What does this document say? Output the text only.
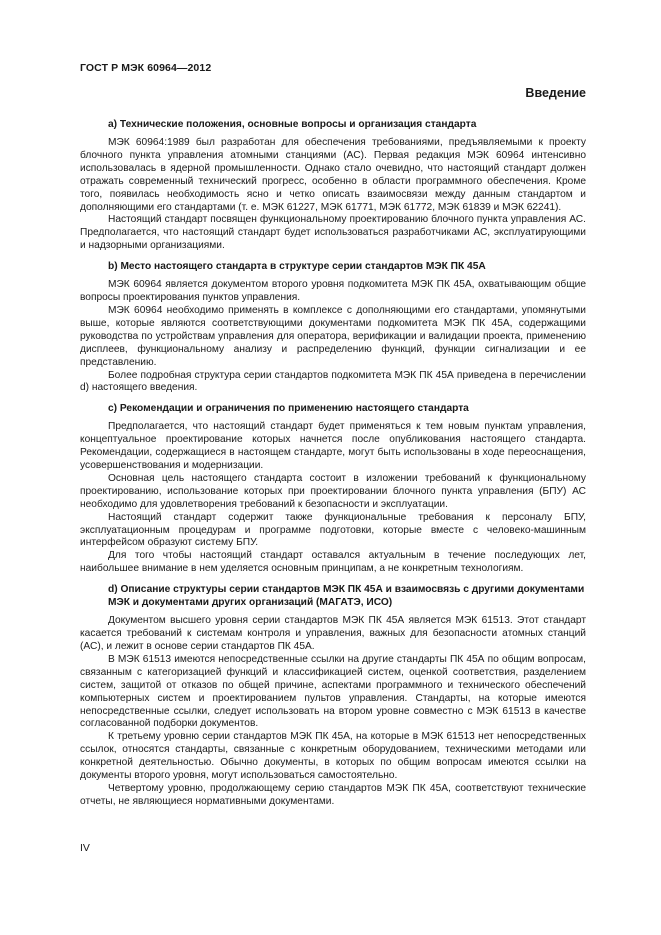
ГОСТ Р МЭК 60964—2012
Введение
а) Технические положения, основные вопросы и организация стандарта

МЭК 60964:1989 был разработан для обеспечения требованиями, предъявляемыми к проекту блочного пункта управления атомными станциями (АС). Первая редакция МЭК 60964 интенсивно использовалась в ядерной промышленности. Однако стало очевидно, что настоящий стандарт должен отражать современный технический прогресс, особенно в области программного обеспечения. Кроме того, появилась необходимость ясно и четко описать взаимосвязи между данным стандартом и дополняющими его стандартами (т. е. МЭК 61227, МЭК 61771, МЭК 61772, МЭК 61839 и МЭК 62241).

Настоящий стандарт посвящен функциональному проектированию блочного пункта управления АС. Предполагается, что настоящий стандарт будет использоваться разработчиками АС, эксплуатирующими и надзорными организациями.

b) Место настоящего стандарта в структуре серии стандартов МЭК ПК 45А

МЭК 60964 является документом второго уровня подкомитета МЭК ПК 45А, охватывающим общие вопросы проектирования пунктов управления.

МЭК 60964 необходимо применять в комплексе с дополняющими его стандартами, упомянутыми выше, которые являются соответствующими документами подкомитета МЭК ПК 45А, содержащими руководства по устройствам управления для оператора, верификации и валидации проекта, применению дисплеев, функциональному анализу и распределению функций, функции сигнализации и ее представлению.

Более подробная структура серии стандартов подкомитета МЭК ПК 45А приведена в перечислении d) настоящего введения.

с) Рекомендации и ограничения по применению настоящего стандарта

Предполагается, что настоящий стандарт будет применяться к тем новым пунктам управления, концептуальное проектирование которых начнется после опубликования настоящего стандарта. Рекомендации, содержащиеся в настоящем стандарте, могут быть использованы в ходе переоснащения, усовершенствования и модернизации.

Основная цель настоящего стандарта состоит в изложении требований к функциональному проектированию, использование которых при проектировании блочного пункта управления (БПУ) АС необходимо для удовлетворения требований к безопасности и эксплуатации.

Настоящий стандарт содержит также функциональные требования к персоналу БПУ, эксплуатационным процедурам и программе подготовки, которые вместе с человеко-машинным интерфейсом образуют систему БПУ.

Для того чтобы настоящий стандарт оставался актуальным в течение последующих лет, наибольшее внимание в нем уделяется основным принципам, а не конкретным технологиям.

d) Описание структуры серии стандартов МЭК ПК 45А и взаимосвязь с другими документами МЭК и документами других организаций (МАГАТЭ, ИСО)

Документом высшего уровня серии стандартов МЭК ПК 45А является МЭК 61513. Этот стандарт касается требований к системам контроля и управления, важных для безопасности атомных станций (АС), и лежит в основе серии стандартов ПК 45А.

В МЭК 61513 имеются непосредственные ссылки на другие стандарты ПК 45А по общим вопросам, связанным с категоризацией функций и классификацией систем, оценкой соответствия, разделением систем, защитой от отказов по общей причине, аспектами программного и технического обеспечений компьютерных систем и проектированием пультов управления. Стандарты, на которые имеются непосредственные ссылки, следует использовать на втором уровне совместно с МЭК 61513 в качестве согласованной подборки документов.

К третьему уровню серии стандартов МЭК ПК 45А, на которые в МЭК 61513 нет непосредственных ссылок, относятся стандарты, связанные с конкретным оборудованием, техническими методами или конкретной деятельностью. Обычно документы, в которых по общим вопросам имеются ссылки на документы второго уровня, могут использоваться самостоятельно.

Четвертому уровню, продолжающему серию стандартов МЭК ПК 45А, соответствуют технические отчеты, не являющиеся нормативными документами.

IV
